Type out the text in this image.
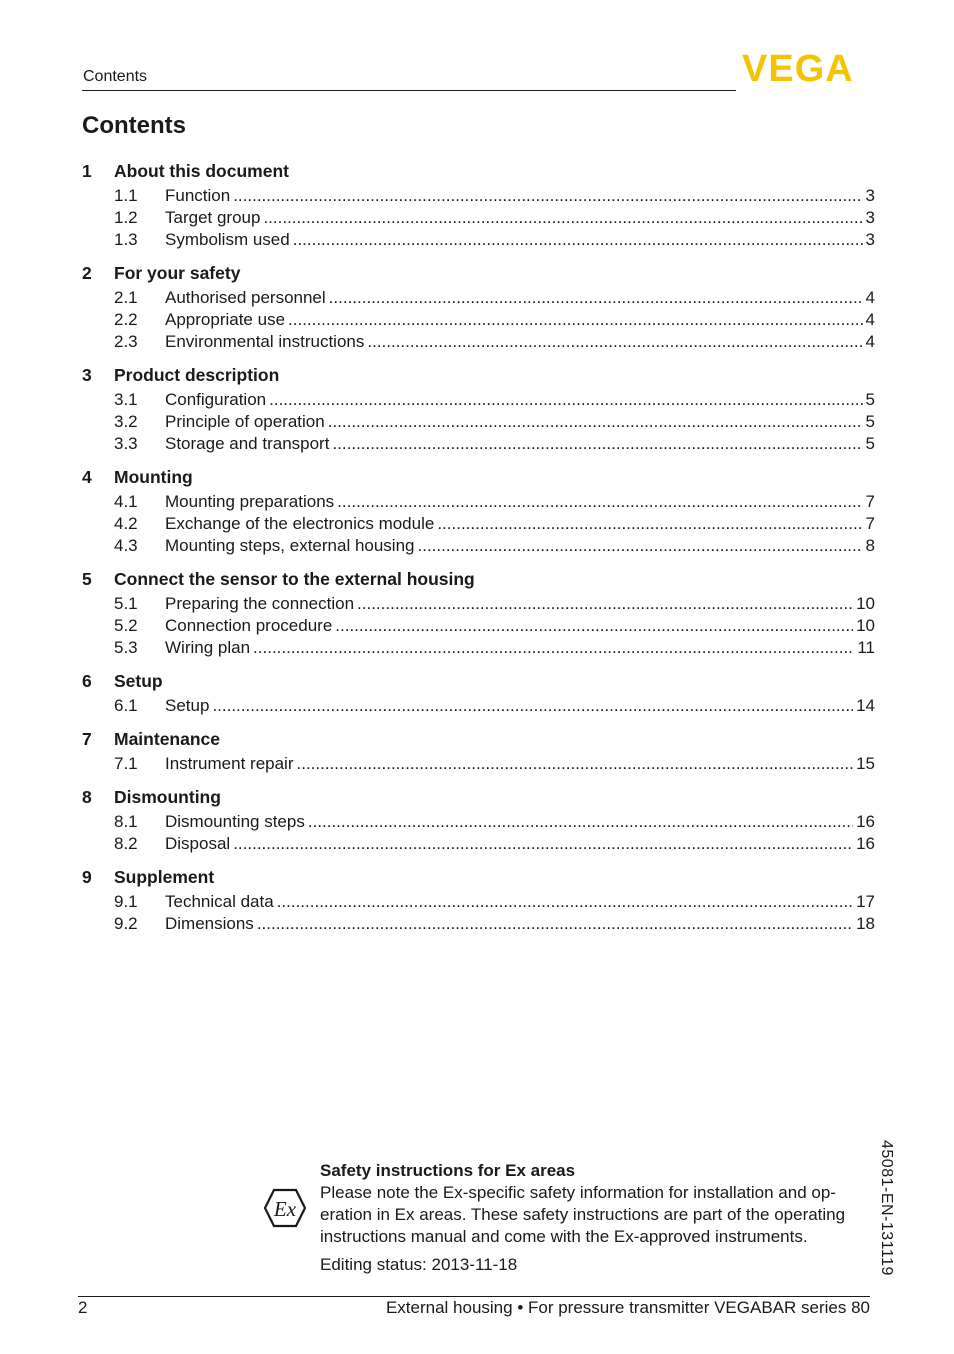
Contents	VEGA
Contents
1	About this document
1.1	Function .....	3
1.2	Target group .....	3
1.3	Symbolism used .....	3
2	For your safety
2.1	Authorised personnel .....	4
2.2	Appropriate use .....	4
2.3	Environmental instructions .....	4
3	Product description
3.1	Configuration .....	5
3.2	Principle of operation .....	5
3.3	Storage and transport .....	5
4	Mounting
4.1	Mounting preparations .....	7
4.2	Exchange of the electronics module .....	7
4.3	Mounting steps, external housing .....	8
5	Connect the sensor to the external housing
5.1	Preparing the connection .....	10
5.2	Connection procedure .....	10
5.3	Wiring plan .....	11
6	Setup
6.1	Setup .....	14
7	Maintenance
7.1	Instrument repair .....	15
8	Dismounting
8.1	Dismounting steps .....	16
8.2	Disposal .....	16
9	Supplement
9.1	Technical data .....	17
9.2	Dimensions .....	18
Ex
Safety instructions for Ex areas
Please note the Ex-specific safety information for installation and op-
eration in Ex areas. These safety instructions are part of the operating
instructions manual and come with the Ex-approved instruments.
Editing status: 2013-11-18	45081-EN-131119
2	External housing • For pressure transmitter VEGABAR series 80
